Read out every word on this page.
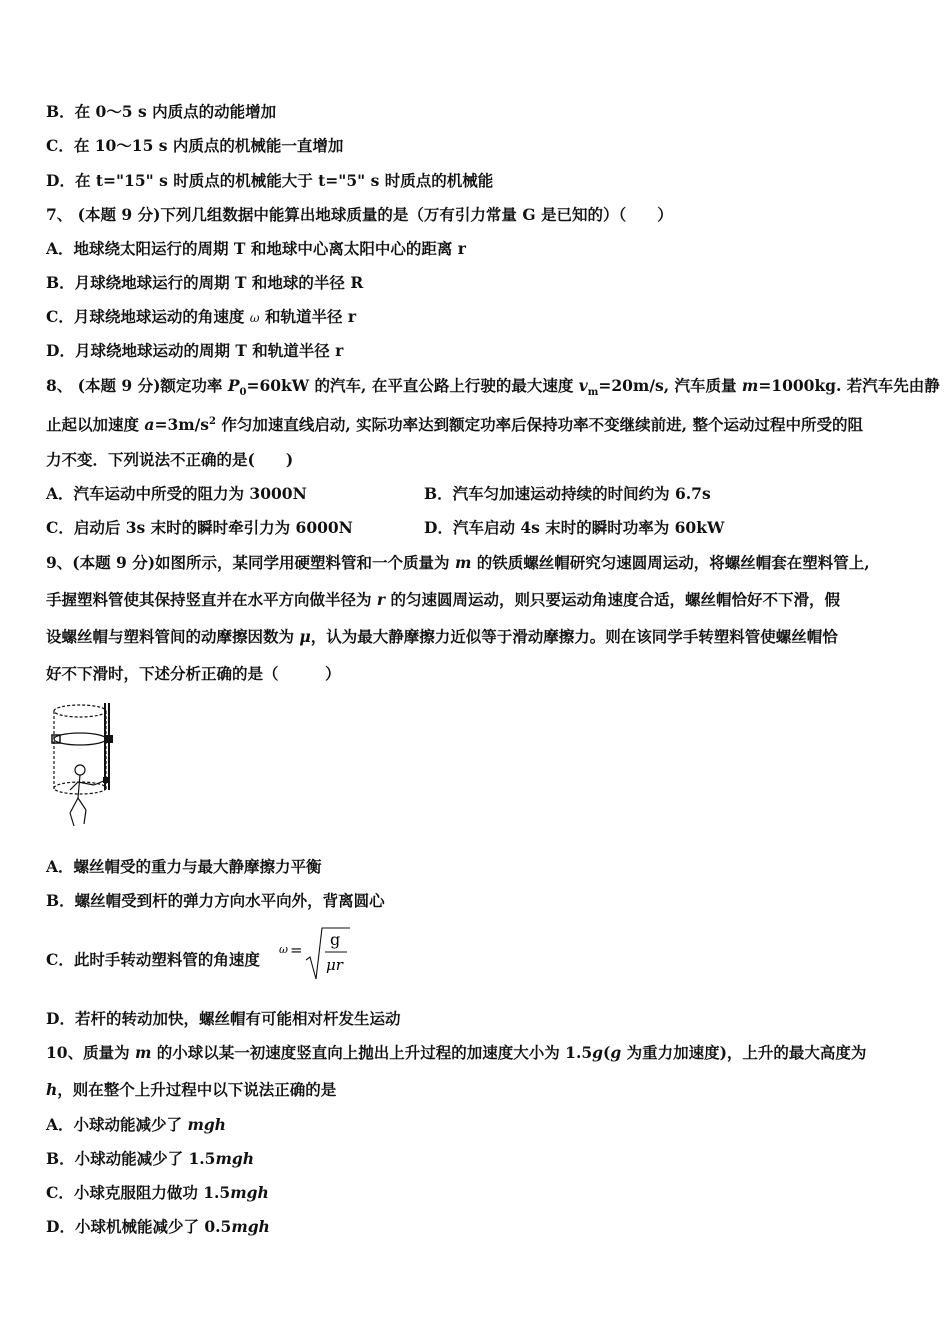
B．在 0～5 s 内质点的动能增加
C．在 10～15 s 内质点的机械能一直增加
D．在 t="15" s 时质点的机械能大于 t="5" s 时质点的机械能
7、 (本题 9 分)下列几组数据中能算出地球质量的是（万有引力常量 G 是已知的）（　　）
A．地球绕太阳运行的周期 T 和地球中心离太阳中心的距离 r
B．月球绕地球运行的周期 T 和地球的半径 R
C．月球绕地球运动的角速度 ω 和轨道半径 r
D．月球绕地球运动的周期 T 和轨道半径 r
8、 (本题 9 分)额定功率 $P_0=60kW$ 的汽车, 在平直公路上行驶的最大速度 $v_m=20m/s$, 汽车质量 m=1000kg. 若汽车先由静
止起以加速度 $a=3m/s^2$ 作匀加速直线启动, 实际功率达到额定功率后保持功率不变继续前进, 整个运动过程中所受的阻
力不变．下列说法不正确的是(　　)
A．汽车运动中所受的阻力为 3000N	B．汽车匀加速运动持续的时间约为 6.7s
C．启动后 3s 末时的瞬时牵引力为 6000N	D．汽车启动 4s 末时的瞬时功率为 60kW
9、(本题 9 分)如图所示，某同学用硬塑料管和一个质量为 m 的铁质螺丝帽研究匀速圆周运动，将螺丝帽套在塑料管上,
手握塑料管使其保持竖直并在水平方向做半径为 r 的匀速圆周运动，则只要运动角速度合适，螺丝帽恰好不下滑，假
设螺丝帽与塑料管间的动摩擦因数为 μ，认为最大静摩擦力近似等于滑动摩擦力。则在该同学手转塑料管使螺丝帽恰
好不下滑时，下述分析正确的是（　　　）
A．螺丝帽受的重力与最大静摩擦力平衡
B．螺丝帽受到杆的弹力方向水平向外，背离圆心
C．此时手转动塑料管的角速度
ω =
g
μr
D．若杆的转动加快，螺丝帽有可能相对杆发生运动
10、质量为 m 的小球以某一初速度竖直向上抛出上升过程的加速度大小为 1.5g(g 为重力加速度)，上升的最大高度为
h，则在整个上升过程中以下说法正确的是
A．小球动能减少了 mgh
B．小球动能减少了 1.5mgh
C．小球克服阻力做功 1.5mgh
D．小球机械能减少了 0.5mgh
